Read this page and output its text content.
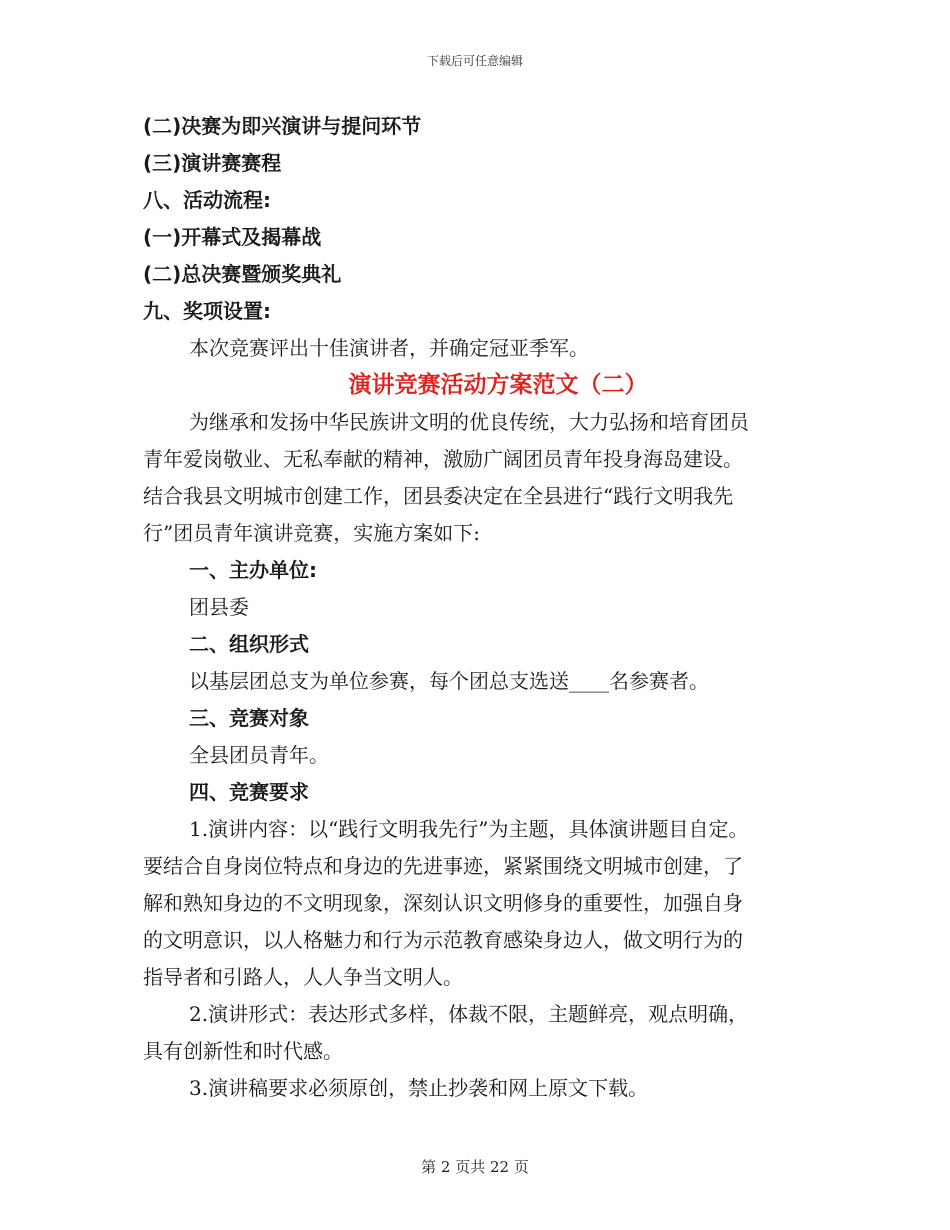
下载后可任意编辑
(二)决赛为即兴演讲与提问环节
(三)演讲赛赛程
八、活动流程:
(一)开幕式及揭幕战
(二)总决赛暨颁奖典礼
九、奖项设置:
本次竞赛评出十佳演讲者，并确定冠亚季军。
演讲竞赛活动方案范文（二）
为继承和发扬中华民族讲文明的优良传统，大力弘扬和培育团员
青年爱岗敬业、无私奉献的精神，激励广阔团员青年投身海岛建设。
结合我县文明城市创建工作，团县委决定在全县进行“践行文明我先
行”团员青年演讲竞赛，实施方案如下:
一、主办单位:
团县委
二、组织形式
以基层团总支为单位参赛，每个团总支选送____名参赛者。
三、竞赛对象
全县团员青年。
四、竞赛要求
1.演讲内容：以“践行文明我先行”为主题，具体演讲题目自定。
要结合自身岗位特点和身边的先进事迹，紧紧围绕文明城市创建，了
解和熟知身边的不文明现象，深刻认识文明修身的重要性，加强自身
的文明意识，以人格魅力和行为示范教育感染身边人，做文明行为的
指导者和引路人，人人争当文明人。
2.演讲形式：表达形式多样，体裁不限，主题鲜亮，观点明确，
具有创新性和时代感。
3.演讲稿要求必须原创，禁止抄袭和网上原文下载。
第 2 页共 22 页
